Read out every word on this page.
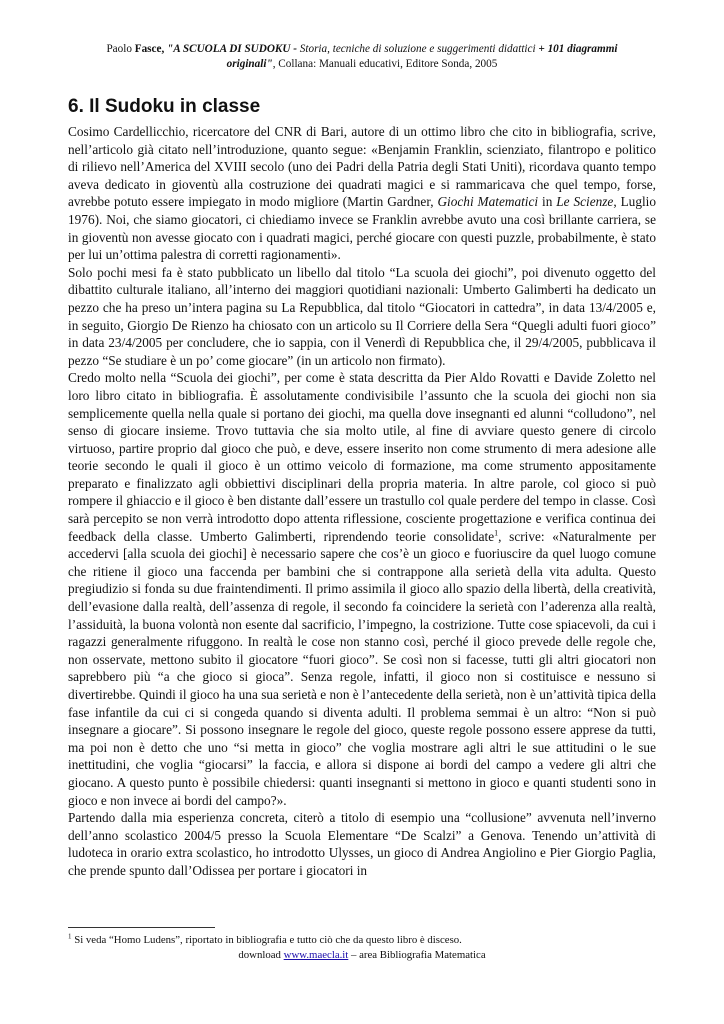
Paolo Fasce, "A SCUOLA DI SUDOKU - Storia, tecniche di soluzione e suggerimenti didattici + 101 diagrammi
originali", Collana: Manuali educativi, Editore Sonda, 2005
6. Il Sudoku in classe

Cosimo Cardellicchio, ricercatore del CNR di Bari, autore di un ottimo libro che cito in bibliografia, scrive, nell’articolo già citato nell’introduzione, quanto segue: «Benjamin Franklin, scienziato, filantropo e politico di rilievo nell’America del XVIII secolo (uno dei Padri della Patria degli Stati Uniti), ricordava quanto tempo aveva dedicato in gioventù alla costruzione dei quadrati magici e si rammaricava che quel tempo, forse, avrebbe potuto essere impiegato in modo migliore (Martin Gardner, Giochi Matematici in Le Scienze, Luglio 1976). Noi, che siamo giocatori, ci chiediamo invece se Franklin avrebbe avuto una così brillante carriera, se in gioventù non avesse giocato con i quadrati magici, perché giocare con questi puzzle, probabilmente, è stato per lui un’ottima palestra di corretti ragionamenti».

Solo pochi mesi fa è stato pubblicato un libello dal titolo “La scuola dei giochi”, poi divenuto oggetto del dibattito culturale italiano, all’interno dei maggiori quotidiani nazionali: Umberto Galimberti ha dedicato un pezzo che ha preso un’intera pagina su La Repubblica, dal titolo “Giocatori in cattedra”, in data 13/4/2005 e, in seguito, Giorgio De Rienzo ha chiosato con un articolo su Il Corriere della Sera “Quegli adulti fuori gioco” in data 23/4/2005 per concludere, che io sappia, con il Venerdì di Repubblica che, il 29/4/2005, pubblicava il pezzo “Se studiare è un po’ come giocare” (in un articolo non firmato).

Credo molto nella “Scuola dei giochi”, per come è stata descritta da Pier Aldo Rovatti e Davide Zoletto nel loro libro citato in bibliografia. È assolutamente condivisibile l’assunto che la scuola dei giochi non sia semplicemente quella nella quale si portano dei giochi, ma quella dove insegnanti ed alunni “colludono”, nel senso di giocare insieme. Trovo tuttavia che sia molto utile, al fine di avviare questo genere di circolo virtuoso, partire proprio dal gioco che può, e deve, essere inserito non come strumento di mera adesione alle teorie secondo le quali il gioco è un ottimo veicolo di formazione, ma come strumento appositamente preparato e finalizzato agli obbiettivi disciplinari della propria materia. In altre parole, col gioco si può rompere il ghiaccio e il gioco è ben distante dall’essere un trastullo col quale perdere del tempo in classe. Così sarà percepito se non verrà introdotto dopo attenta riflessione, cosciente progettazione e verifica continua dei feedback della classe. Umberto Galimberti, riprendendo teorie consolidate$^1$, scrive: «Naturalmente per accedervi [alla scuola dei giochi] è necessario sapere che cos’è un gioco e fuoriuscire da quel luogo comune che ritiene il gioco una faccenda per bambini che si contrappone alla serietà della vita adulta. Questo pregiudizio si fonda su due fraintendimenti. Il primo assimila il gioco allo spazio della libertà, della creatività, dell’evasione dalla realtà, dell’assenza di regole, il secondo fa coincidere la serietà con l’aderenza alla realtà, l’assiduità, la buona volontà non esente dal sacrificio, l’impegno, la costrizione. Tutte cose spiacevoli, da cui i ragazzi generalmente rifuggono. In realtà le cose non stanno così, perché il gioco prevede delle regole che, non osservate, mettono subito il giocatore “fuori gioco”. Se così non si facesse, tutti gli altri giocatori non saprebbero più “a che gioco si gioca”. Senza regole, infatti, il gioco non si costituisce e nessuno si divertirebbe. Quindi il gioco ha una sua serietà e non è l’antecedente della serietà, non è un’attività tipica della fase infantile da cui ci si congeda quando si diventa adulti. Il problema semmai è un altro: “Non si può insegnare a giocare”. Si possono insegnare le regole del gioco, queste regole possono essere apprese da tutti, ma poi non è detto che uno “si metta in gioco” che voglia mostrare agli altri le sue attitudini o le sue inettitudini, che voglia “giocarsi” la faccia, e allora si dispone ai bordi del campo a vedere gli altri che giocano. A questo punto è possibile chiedersi: quanti insegnanti si mettono in gioco e quanti studenti sono in gioco e non invece ai bordi del campo?».

Partendo dalla mia esperienza concreta, citerò a titolo di esempio una “collusione” avvenuta nell’inverno dell’anno scolastico 2004/5 presso la Scuola Elementare “De Scalzi” a Genova. Tenendo un’attività di ludoteca in orario extra scolastico, ho introdotto Ulysses, un gioco di Andrea Angiolino e Pier Giorgio Paglia, che prende spunto dall’Odissea per portare i giocatori in

$^1$ Si veda “Homo Ludens”, riportato in bibliografia e tutto ciò che da questo libro è disceso.
download www.maecla.it – area Bibliografia Matematica
